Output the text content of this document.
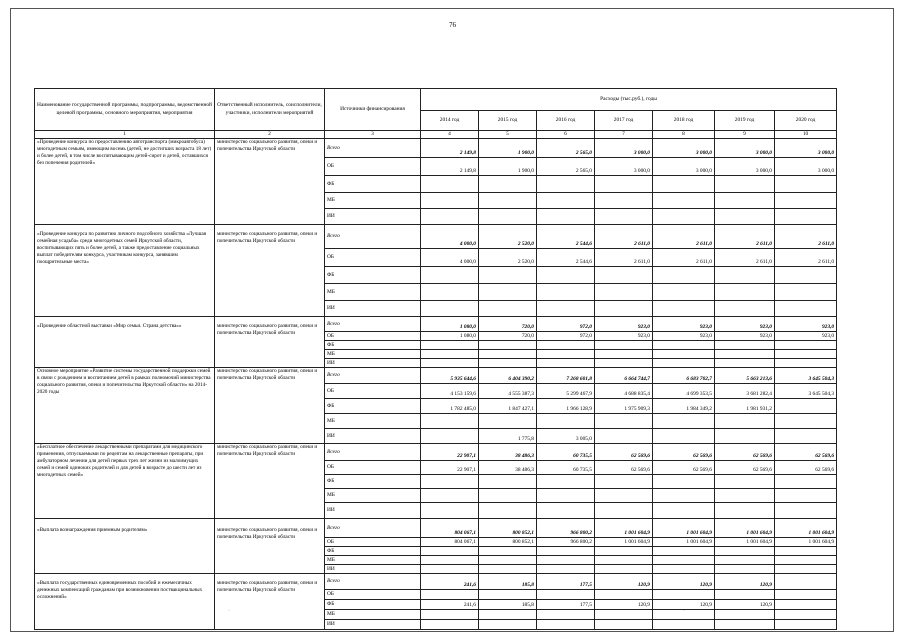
76
·	·
Наименование государственной программы, подпрограммы, ведомственной целевой программы, основного мероприятия, мероприятия	Ответственный исполнитель, соисполнители, участники, исполнители мероприятий	Источники финансирования	Расходы (тыс.руб.), годы						
			2014 год	2015 год	2016 год	2017 год	2018 год	2019 год	2020 год
1	2	3	4	5	6	7	8	9	10
«Проведение конкурса по предоставлению автотранспорта (микроавтобуса) многодетным семьям, имеющим восемь (детей, не достигших возраста 18 лет) и более детей, в том числе воспитывающим детей-сирот и детей, оставшихся без попечения родителей»	министерство социального развития, опеки и попечительства Иркутской области	Всего	2 149,8	1 900,0	2 565,0	3 000,0	3 000,0	3 000,0	3 000,0
		ОБ	2 149,8	1 900,0	2 565,0	3 000,0	3 000,0	3 000,0	3 000,0
		ФБ							
		МБ							
		ИИ							
«Проведение конкурса по развитию личного подсобного хозяйства «Лучшая семейная усадьба» среди многодетных семей Иркутской области, воспитывающих пять и более детей, а также предоставление социальных выплат победителям конкурса, участникам конкурса, занявшим поощрительные места»	министерство социального развития, опеки и попечительства Иркутской области	Всего	4 000,0	2 520,0	2 544,6	2 611,0	2 611,0	2 611,0	2 611,0
		ОБ	4 000,0	2 520,0	2 544,6	2 611,0	2 611,0	2 611,0	2 611,0
		ФБ							
		МБ							
		ИИ							
«Проведение областной выставки «Мир семьи. Страна детства»»	министерство социального развития, опеки и попечительства Иркутской области	Всего	1 080,0	720,0	972,0	923,0	923,0	923,0	923,0
		ОБ	1 080,0	720,0	972,0	923,0	923,0	923,0	923,0
		ФБ							
		МБ							
		ИИ							
Основное мероприятие «Развитие системы государственной поддержки семей в связи с рождением и воспитанием детей в рамках полномочий министерства социального развития, опеки и попечительства Иркутской области» на 2014-2020 годы	министерство социального развития, опеки и попечительства Иркутской области	Всего	5 935 644,6	6 404 390,2	7 268 601,8	6 664 744,7	6 683 702,7	5 663 213,6	3 645 504,3
		ОБ	4 153 159,6	4 555 387,3	5 299 467,9	4 688 835,4	4 699 353,5	3 681 282,4	3 645 504,3
		ФБ	1 782 485,0	1 847 427,1	1 966 128,9	1 975 909,3	1 984 349,2	1 981 931,2	
		МБ							
		ИИ		1 775,8	3 005,0				
«Бесплатное обеспечение лекарственными препаратами для медицинского применения, отпускаемыми по рецептам на лекарственные препараты, при амбулаторном лечении для детей первых трех лет жизни из малоимущих семей и семей одиноких родителей и для детей в возрасте до шести лет из многодетных семей»	министерство социального развития, опеки и попечительства Иркутской области	Всего	22 907,1	38 486,3	60 735,5	62 569,6	62 569,6	62 569,6	62 569,6
		ОБ	22 907,1	38 486,3	60 735,5	62 569,6	62 569,6	62 569,6	62 569,6
		ФБ							
		МБ							
		ИИ							
«Выплата вознаграждения приемным родителям»	министерство социального развития, опеки и попечительства Иркутской области	Всего	804 067,1	800 852,1	966 800,2	1 001 604,9	1 001 604,9	1 001 604,9	1 001 604,9
		ОБ	804 067,1	800 852,1	966 800,2	1 001 604,9	1 001 604,9	1 001 604,9	1 001 604,9
		ФБ							
		МБ							
		ИИ							
«Выплата государственных единовременных пособий и ежемесячных денежных компенсаций гражданам при возникновении поствакцинальных осложнений»	министерство социального развития, опеки и попечительства Иркутской области	Всего	241,6	185,8	177,5	120,9	120,9	120,9	
		ОБ							
		ФБ	241,6	185,8	177,5	120,9	120,9	120,9	
		МБ							
		ИИ							
